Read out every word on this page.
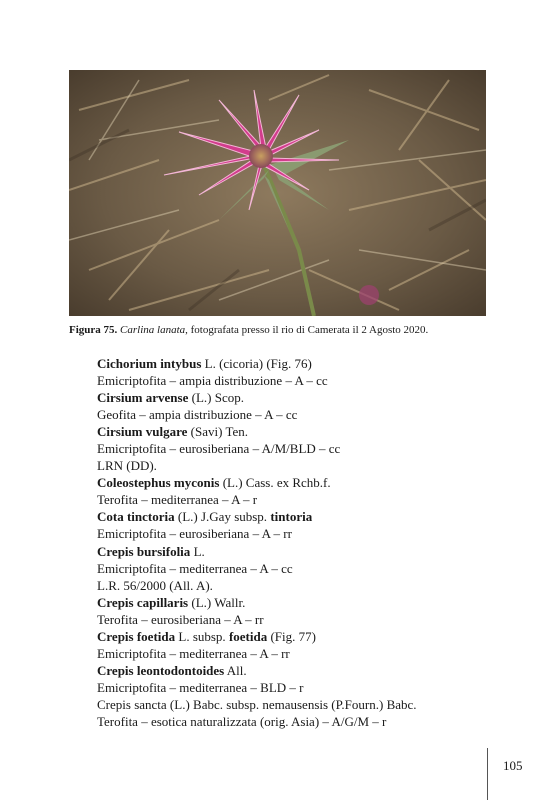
Figura 75. Carlina lanata, fotografata presso il rio di Camerata il 2 Agosto 2020.
Cichorium intybus L. (cicoria) (Fig. 76)
Emicriptofita – ampia distribuzione – A – cc
Cirsium arvense (L.) Scop.
Geofita – ampia distribuzione – A – cc
Cirsium vulgare (Savi) Ten.
Emicriptofita – eurosiberiana – A/M/BLD – cc
LRN (DD).
Coleostephus myconis (L.) Cass. ex Rchb.f.
Terofita – mediterranea – A – r
Cota tinctoria (L.) J.Gay subsp. tintoria
Emicriptofita – eurosiberiana – A – rr
Crepis bursifolia L.
Emicriptofita – mediterranea – A – cc
L.R. 56/2000 (All. A).
Crepis capillaris (L.) Wallr.
Terofita – eurosiberiana – A – rr
Crepis foetida L. subsp. foetida (Fig. 77)
Emicriptofita – mediterranea – A – rr
Crepis leontodontoides All.
Emicriptofita – mediterranea – BLD – r
Crepis sancta (L.) Babc. subsp. nemausensis (P.Fourn.) Babc.
Terofita – esotica naturalizzata (orig. Asia) – A/G/M – r
105
